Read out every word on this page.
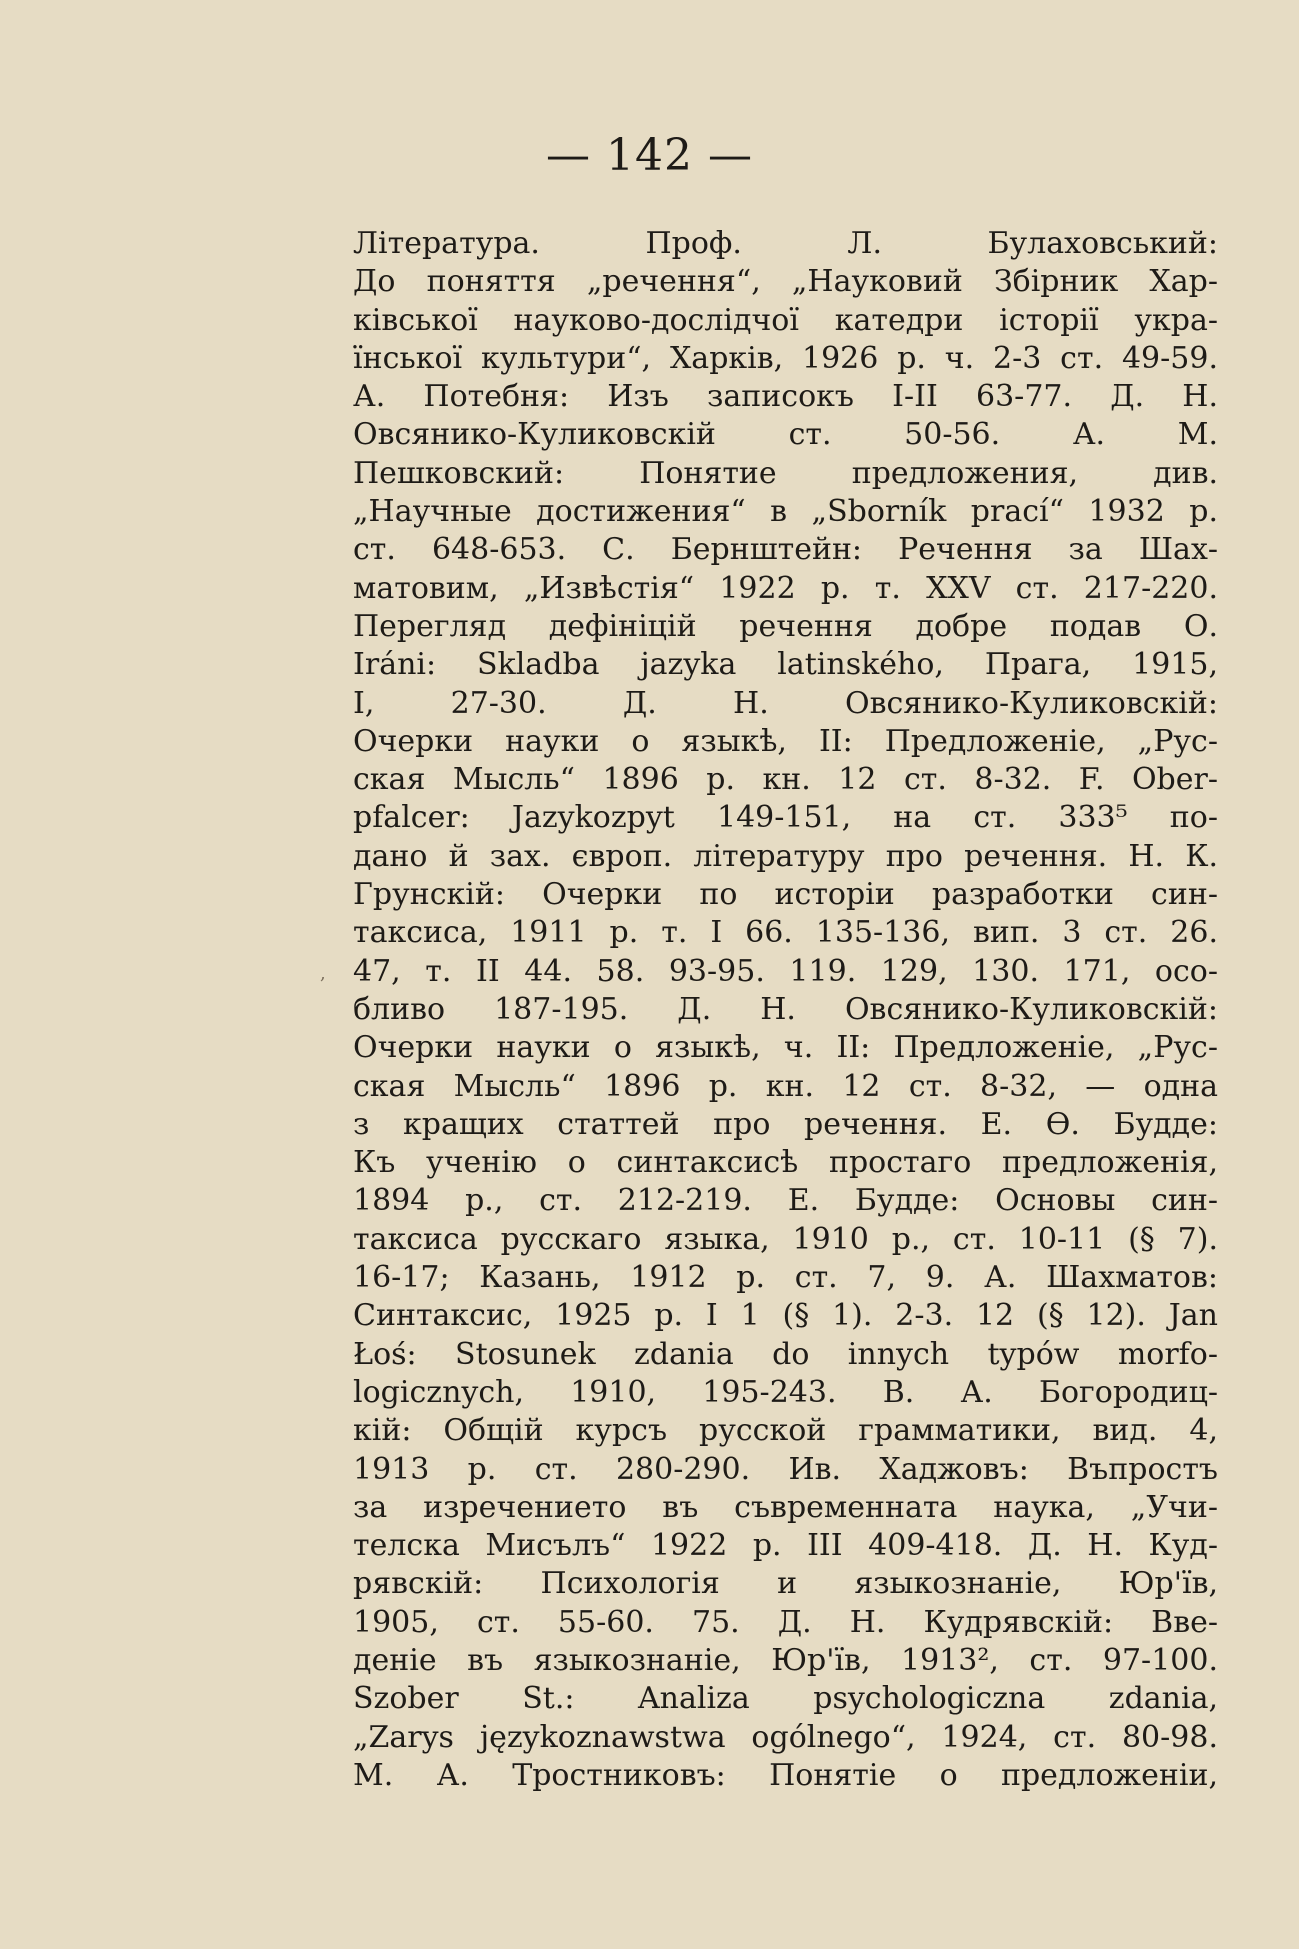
— 142 —
,
Література. Проф. Л. Булаховський:
До поняття „речення“, „Науковий Збірник Хар-
ківської науково-дослідчої катедри історії укра-
їнської культури“, Харків, 1926 р. ч. 2-3 ст. 49-59.
А. Потебня: Изъ записокъ I-II 63-77. Д. Н.
Овсянико-Куликовскій ст. 50-56. А. М.
Пешковский: Понятие предложения, див.
„Научные достижения“ в „Sborník prací“ 1932 р.
ст. 648-653. С. Бернштейн: Речення за Шах-
матовим, „Извѣстія“ 1922 р. т. XXV ст. 217-220.
Перегляд дефініцій речення добре подав О.
Iráni: Skladba jazyka latinského, Прага, 1915,
I, 27-30. Д. Н. Овсянико-Куликовскій:
Очерки науки о языкѣ, II: Предложеніе, „Рус-
ская Мысль“ 1896 р. кн. 12 ст. 8-32. F. Ober-
pfalcer: Jazykozpyt 149-151, на ст. 333⁵ по-
дано й зах. європ. літературу про речення. Н. К.
Грунскій: Очерки по исторіи разработки син-
таксиса, 1911 р. т. I 66. 135-136, вип. 3 ст. 26.
47, т. II 44. 58. 93-95. 119. 129, 130. 171, осо-
бливо 187-195. Д. Н. Овсянико-Куликовскій:
Очерки науки о языкѣ, ч. II: Предложеніе, „Рус-
ская Мысль“ 1896 р. кн. 12 ст. 8-32, — одна
з кращих статтей про речення. Е. Ѳ. Будде:
Къ ученію о синтаксисѣ простаго предложенія,
1894 р., ст. 212-219. Е. Будде: Основы син-
таксиса русскаго языка, 1910 р., ст. 10-11 (§ 7).
16-17; Казань, 1912 р. ст. 7, 9. А. Шахматов:
Синтаксис, 1925 р. I 1 (§ 1). 2-3. 12 (§ 12). Jan
Łoś: Stosunek zdania do innych typów morfo-
logicznych, 1910, 195-243. В. А. Богородиц-
кій: Общій курсъ русской грамматики, вид. 4,
1913 р. ст. 280-290. Ив. Хаджовъ: Въпростъ
за изречението въ съвременната наука, „Учи-
телска Мисълъ“ 1922 р. III 409-418. Д. Н. Куд-
рявскій: Психологія и языкознаніе, Юр'їв,
1905, ст. 55-60. 75. Д. Н. Кудрявскій: Вве-
деніе въ языкознаніе, Юр'їв, 1913², ст. 97-100.
Szober St.: Analiza psychologiczna zdania,
„Zarys językoznawstwa ogólnego“, 1924, ст. 80-98.
М. А. Тростниковъ: Понятіе о предложеніи,
